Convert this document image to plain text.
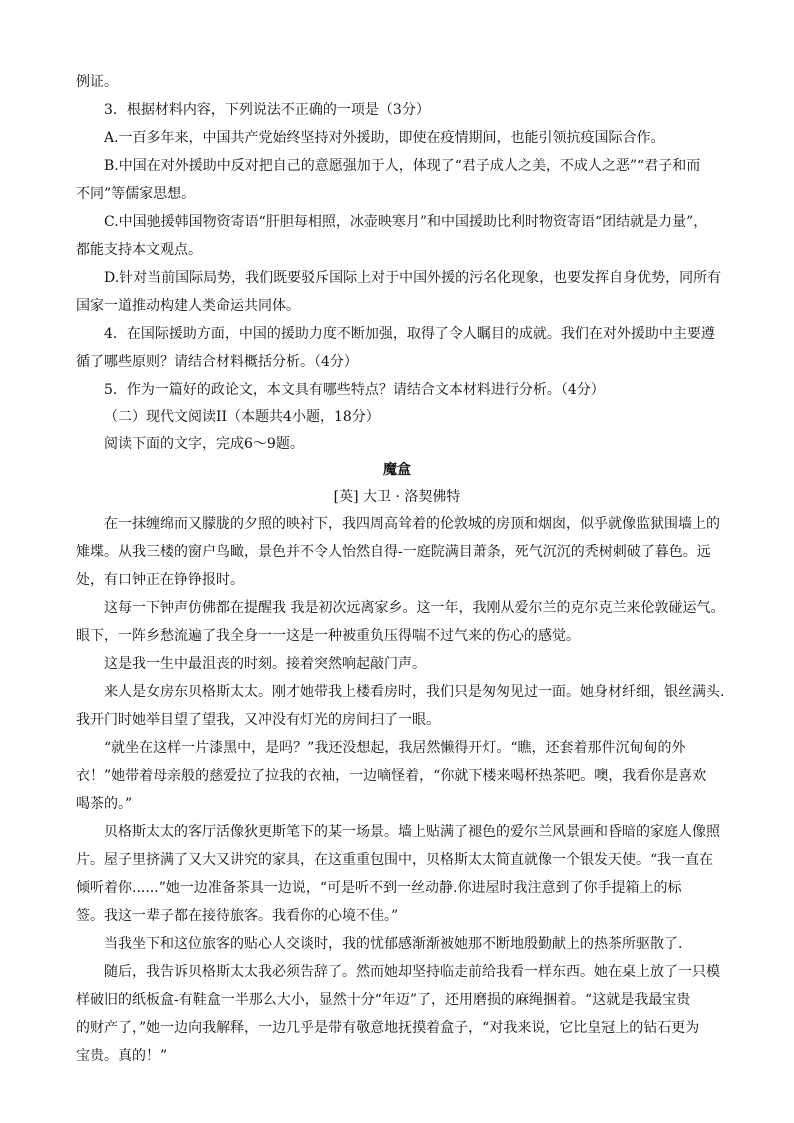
例证。
3．根据材料内容，下列说法不正确的一项是（3分）
A.一百多年来，中国共产党始终坚持对外援助，即使在疫情期间，也能引领抗疫国际合作。
B.中国在对外援助中反对把自己的意愿强加于人，体现了“君子成人之美，不成人之恶”“君子和而
不同”等儒家思想。
C.中国驰援韩国物资寄语“肝胆每相照，冰壶映寒月”和中国援助比利时物资寄语“团结就是力量”，
都能支持本文观点。
D.针对当前国际局势，我们既要驳斥国际上对于中国外援的污名化现象，也要发挥自身优势，同所有
国家一道推动构建人类命运共同体。
4．在国际援助方面，中国的援助力度不断加强，取得了令人瞩目的成就。我们在对外援助中主要遵
循了哪些原则？请结合材料概括分析。（4分）
5．作为一篇好的政论文，本文具有哪些特点？请结合文本材料进行分析。（4分）
（二）现代文阅读II（本题共4小题，18分）
阅读下面的文字，完成6～9题。
魔盒
[英] 大卫 · 洛契佛特
在一抹缠绵而又朦胧的夕照的映衬下，我四周高耸着的伦敦城的房顶和烟囱，似乎就像监狱围墙上的
雉堞。从我三楼的窗户鸟瞰，景色并不令人怡然自得-一庭院满目萧条，死气沉沉的秃树刺破了暮色。远
处，有口钟正在铮铮报时。
这每一下钟声仿佛都在提醒我 我是初次远离家乡。这一年，我刚从爱尔兰的克尔克兰来伦敦碰运气。
眼下，一阵乡愁流遍了我全身一一这是一种被重负压得喘不过气来的伤心的感觉。
这是我一生中最沮丧的时刻。接着突然响起敲门声。
来人是女房东贝格斯太太。刚才她带我上楼看房时，我们只是匆匆见过一面。她身材纤细，银丝满头.
我开门时她举目望了望我，又冲没有灯光的房间扫了一眼。
“就坐在这样一片漆黑中，是吗？”我还没想起，我居然懒得开灯。“瞧，还套着那件沉甸甸的外
衣！”她带着母亲般的慈爱拉了拉我的衣袖，一边嘀怪着，“你就下楼来喝杯热茶吧。噢，我看你是喜欢
喝茶的。”
贝格斯太太的客厅活像狄更斯笔下的某一场景。墙上贴满了褪色的爱尔兰风景画和昏暗的家庭人像照
片。屋子里挤满了又大又讲究的家具，在这重重包围中，贝格斯太太简直就像一个银发天使。“我一直在
倾听着你......”她一边准备茶具一边说，“可是听不到一丝动静.你进屋时我注意到了你手提箱上的标
签。我这一辈子都在接待旅客。我看你的心境不佳。”
当我坐下和这位旅客的贴心人交谈时，我的忧郁感渐渐被她那不断地殷勤献上的热茶所驱散了.
随后，我告诉贝格斯太太我必须告辞了。然而她却坚持临走前给我看一样东西。她在桌上放了一只模
样破旧的纸板盒-有鞋盒一半那么大小，显然十分“年迈”了，还用磨损的麻绳捆着。“这就是我最宝贵
的财产了，”她一边向我解释，一边几乎是带有敬意地抚摸着盒子，“对我来说，它比皇冠上的钻石更为
宝贵。真的！”
